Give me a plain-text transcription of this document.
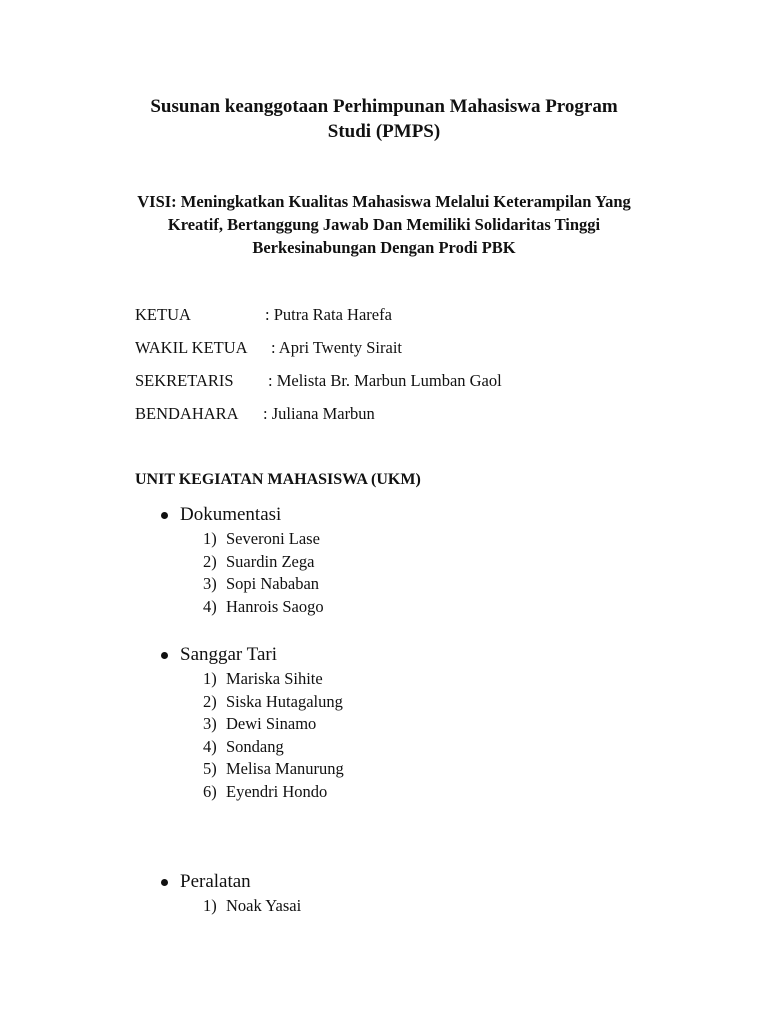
Susunan keanggotaan Perhimpunan Mahasiswa Program
Studi (PMPS)
VISI: Meningkatkan Kualitas Mahasiswa Melalui Keterampilan Yang
Kreatif, Bertanggung Jawab Dan Memiliki Solidaritas Tinggi
Berkesinabungan Dengan Prodi PBK
KETUA	: Putra Rata Harefa
WAKIL KETUA : Apri Twenty Sirait
SEKRETARIS : Melista Br. Marbun Lumban Gaol
BENDAHARA : Juliana Marbun
UNIT KEGIATAN MAHASISWA (UKM)
Dokumentasi
1) Severoni Lase
2) Suardin Zega
3) Sopi Nababan
4) Hanrois Saogo
Sanggar Tari
1) Mariska Sihite
2) Siska Hutagalung
3) Dewi Sinamo
4) Sondang
5) Melisa Manurung
6) Eyendri Hondo
Peralatan
1) Noak Yasai
